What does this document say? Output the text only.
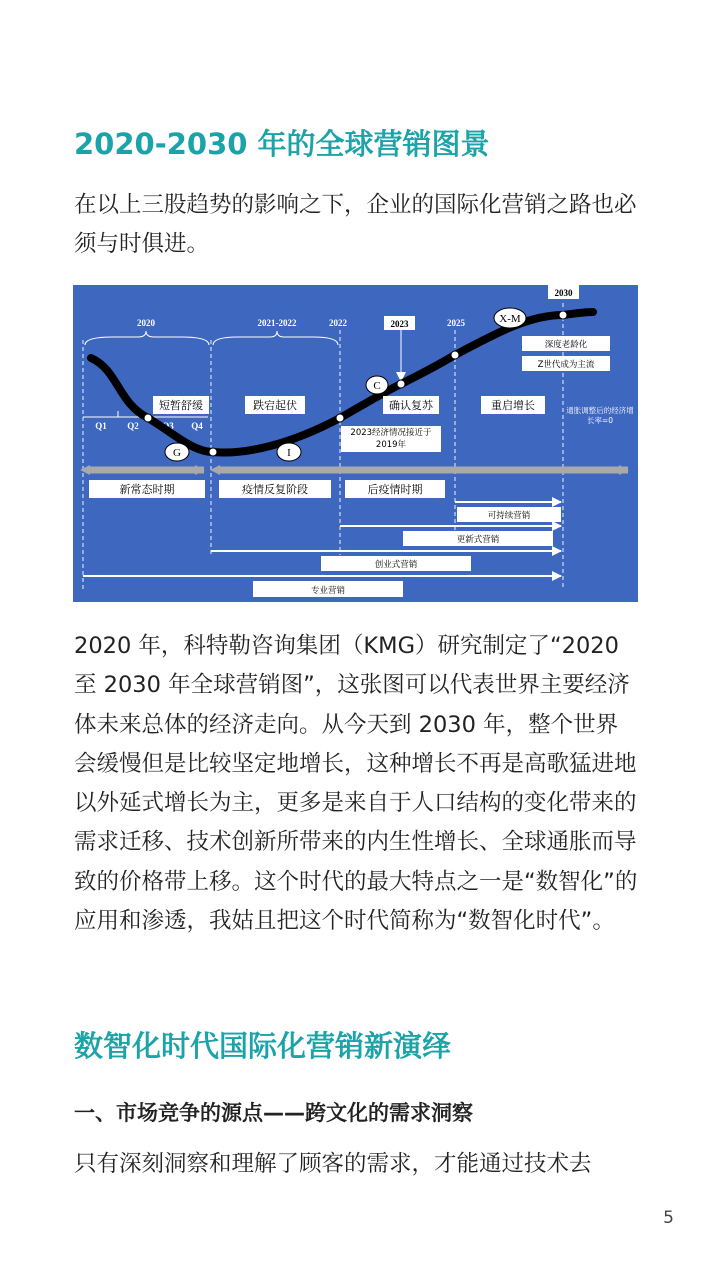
2020-2030 年的全球营销图景
在以上三股趋势的影响之下，企业的国际化营销之路也必须与时俱进。
2020	2021-2022	2022	2025
2023
2030
Q1 Q2	Q3 Q4
G	I
C
X-M
短暂舒缓	跌宕起伏	确认复苏	重启增长
深度老龄化
Z世代成为主流
通胀调整后的经济增长率=0
2023经济情况接近于2019年
新常态时期	疫情反复阶段	后疫情时期
可持续营销
更新式营销
创业式营销
专业营销
2020 年，科特勒咨询集团（KMG）研究制定了“2020 至 2030 年全球营销图”，这张图可以代表世界主要经济体未来总体的经济走向。从今天到 2030 年，整个世界会缓慢但是比较坚定地增长，这种增长不再是高歌猛进地以外延式增长为主，更多是来自于人口结构的变化带来的需求迁移、技术创新所带来的内生性增长、全球通胀而导致的价格带上移。这个时代的最大特点之一是“数智化”的应用和渗透，我姑且把这个时代简称为“数智化时代”。
数智化时代国际化营销新演绎
一、市场竞争的源点——跨文化的需求洞察
只有深刻洞察和理解了顾客的需求，才能通过技术去
5
